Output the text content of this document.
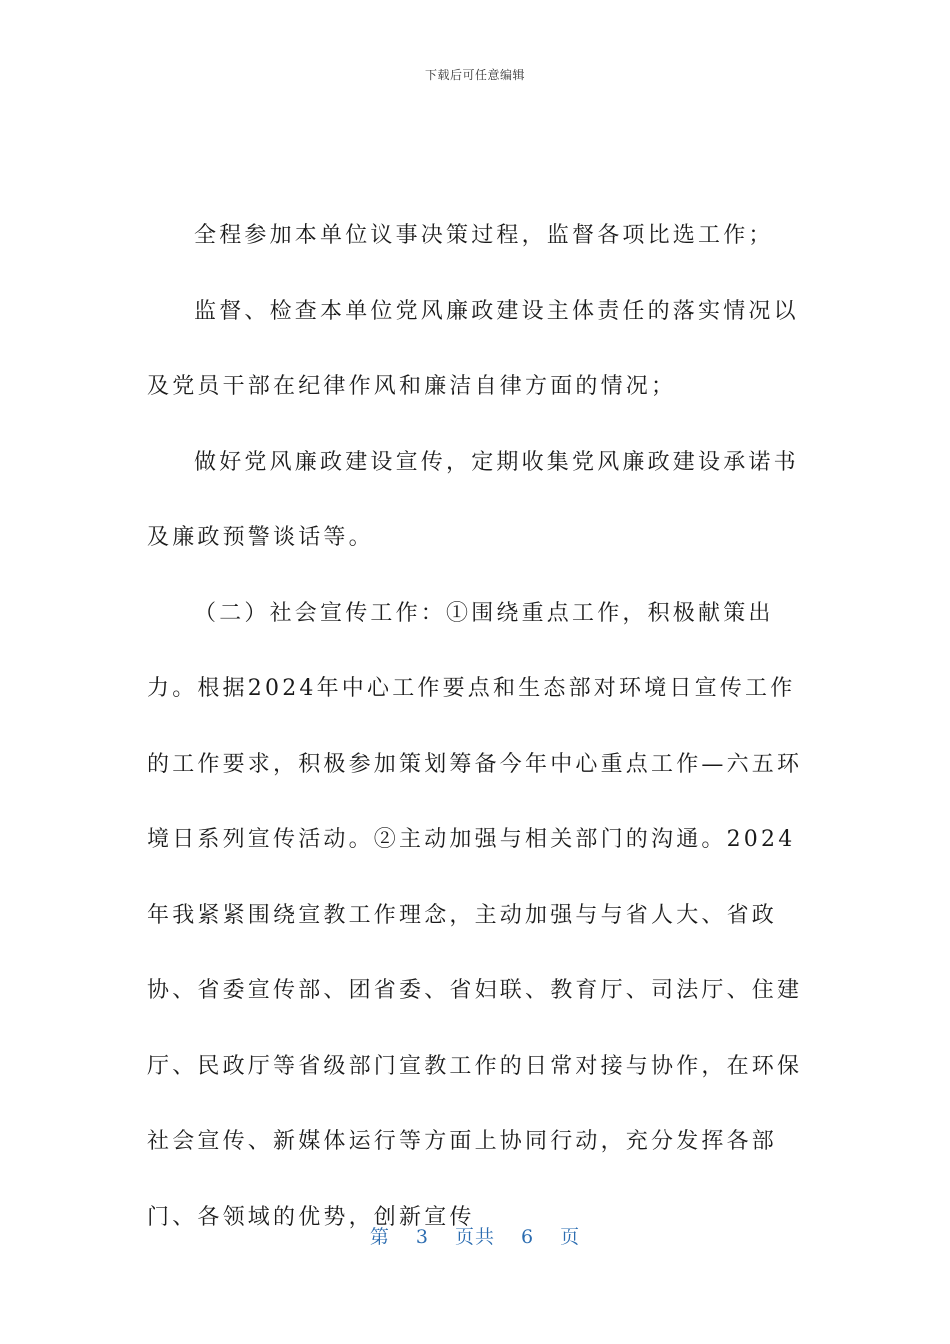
下载后可任意编辑

全程参加本单位议事决策过程，监督各项比选工作；

监督、检查本单位党风廉政建设主体责任的落实情况以及党员干部在纪律作风和廉洁自律方面的情况；

做好党风廉政建设宣传，定期收集党风廉政建设承诺书及廉政预警谈话等。

（二）社会宣传工作：①围绕重点工作，积极献策出力。根据2024年中心工作要点和生态部对环境日宣传工作的工作要求，积极参加策划筹备今年中心重点工作—六五环境日系列宣传活动。②主动加强与相关部门的沟通。2024年我紧紧围绕宣教工作理念，主动加强与与省人大、省政协、省委宣传部、团省委、省妇联、教育厅、司法厅、住建厅、民政厅等省级部门宣教工作的日常对接与协作，在环保社会宣传、新媒体运行等方面上协同行动，充分发挥各部门、各领域的优势，创新宣传

第 3 页共 6 页
